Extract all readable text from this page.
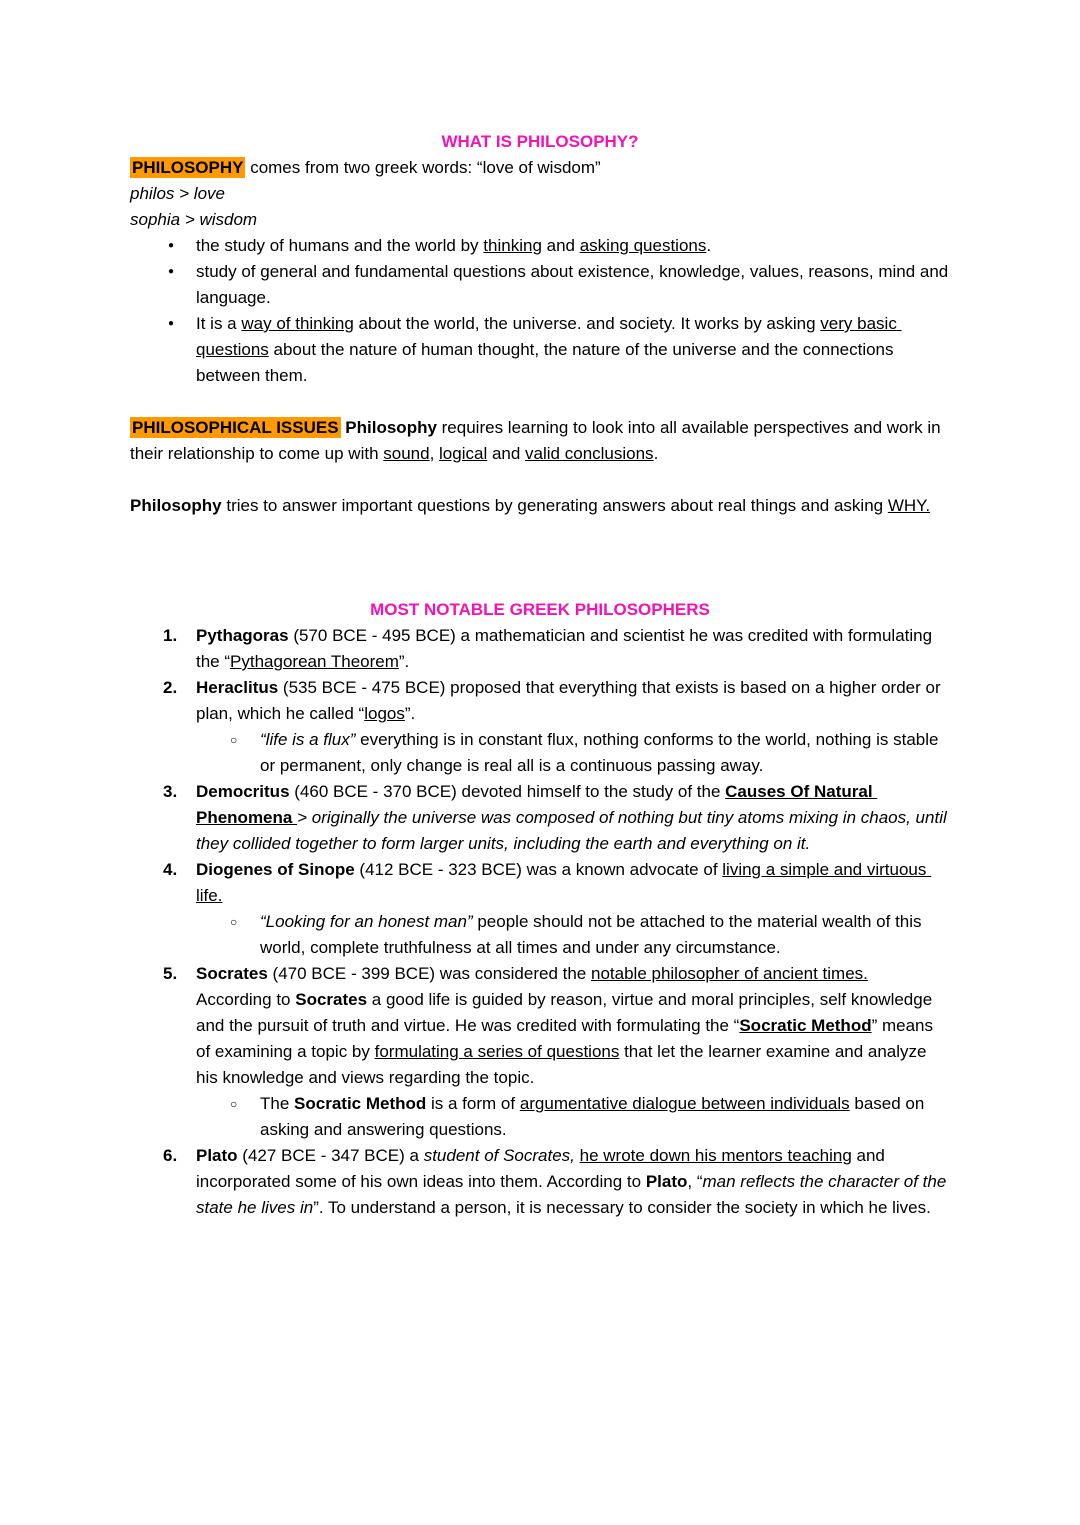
WHAT IS PHILOSOPHY?
PHILOSOPHY comes from two greek words: “love of wisdom”
philos > love
sophia > wisdom
● the study of humans and the world by thinking and asking questions.
● study of general and fundamental questions about existence, knowledge, values, reasons, mind and language.
● It is a way of thinking about the world, the universe. and society. It works by asking very basic questions about the nature of human thought, the nature of the universe and the connections between them.
PHILOSOPHICAL ISSUES Philosophy requires learning to look into all available perspectives and work in their relationship to come up with sound, logical and valid conclusions.
Philosophy tries to answer important questions by generating answers about real things and asking WHY.
MOST NOTABLE GREEK PHILOSOPHERS
1. Pythagoras (570 BCE - 495 BCE) a mathematician and scientist he was credited with formulating the “Pythagorean Theorem”.
2. Heraclitus (535 BCE - 475 BCE) proposed that everything that exists is based on a higher order or plan, which he called “logos”.
○ “life is a flux” everything is in constant flux, nothing conforms to the world, nothing is stable or permanent, only change is real all is a continuous passing away.
3. Democritus (460 BCE - 370 BCE) devoted himself to the study of the Causes Of Natural Phenomena > originally the universe was composed of nothing but tiny atoms mixing in chaos, until they collided together to form larger units, including the earth and everything on it.
4. Diogenes of Sinope (412 BCE - 323 BCE) was a known advocate of living a simple and virtuous life.
○ “Looking for an honest man” people should not be attached to the material wealth of this world, complete truthfulness at all times and under any circumstance.
5. Socrates (470 BCE - 399 BCE) was considered the notable philosopher of ancient times.  According to Socrates a good life is guided by reason, virtue and moral principles, self knowledge and the pursuit of truth and virtue. He was credited with formulating the “Socratic Method” means of examining a topic by formulating a series of questions that let the learner examine and analyze his knowledge and views regarding the topic.
○ The Socratic Method is a form of argumentative dialogue between individuals based on asking and answering questions.
6. Plato (427 BCE - 347 BCE) a student of Socrates, he wrote down his mentors teaching and incorporated some of his own ideas into them. According to Plato, “man reflects the character of the state he lives in”. To understand a person, it is necessary to consider the society in which he lives.
